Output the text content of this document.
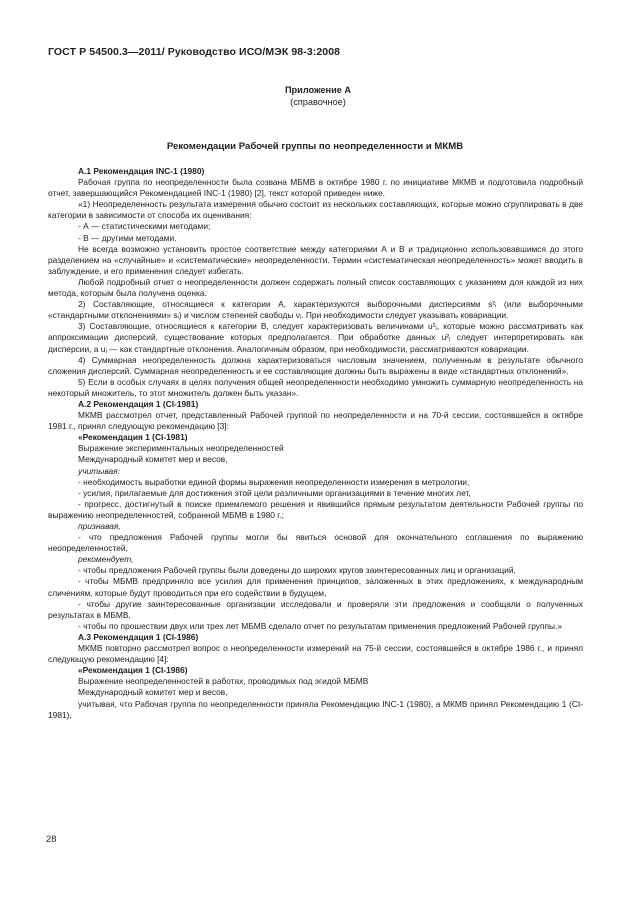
ГОСТ Р 54500.3—2011/ Руководство ИСО/МЭК 98-3:2008
Приложение А
(справочное)
Рекомендации Рабочей группы по неопределенности и МКМВ

А.1 Рекомендация INC-1 (1980)

Рабочая группа по неопределенности была созвана МБМВ в октябре 1980 г. по инициативе МКМВ и подготовила подробный отчет, завершающийся Рекомендацией INC-1 (1980) [2], текст которой приведен ниже.

«1) Неопределенность результата измерения обычно состоит из нескольких составляющих, которые можно сгруппировать в две категории в зависимости от способа их оценивания:

- А — статистическими методами;

- В — другими методами.

Не всегда возможно установить простое соответствие между категориями А и В и традиционно использовавшимся до этого разделением на «случайные» и «систематические» неопределенности. Термин «систематическая неопределенность» может вводить в заблуждение, и его применения следует избегать.

Любой подробный отчет о неопределенности должен содержать полный список составляющих с указанием для каждой из них метода, которым была получена оценка.

2) Составляющие, относящиеся к категории А, характеризуются выборочными дисперсиями s²ᵢ (или выборочными «стандартными отклонениями» sᵢ) и числом степеней свободы νᵢ. При необходимости следует указывать ковариации.

3) Составляющие, относящиеся к категории В, следует характеризовать величинами u²ⱼ, которые можно рассматривать как аппроксимации дисперсий, существование которых предполагается. При обработке данных u²ⱼ следует интерпретировать как дисперсии, а uⱼ — как стандартные отклонения. Аналогичным образом, при необходимости, рассматриваются ковариации.

4) Суммарная неопределенность должна характеризоваться числовым значением, полученным в результате обычного сложения дисперсий. Суммарная неопределенность и ее составляющие должны быть выражены в виде «стандартных отклонений».

5) Если в особых случаях в целях получения общей неопределенности необходимо умножить суммарную неопределенность на некоторый множитель, то этот множитель должен быть указан».

А.2 Рекомендация 1 (CI-1981)

МКМВ рассмотрел отчет, представленный Рабочей группой по неопределенности и на 70-й сессии, состоявшейся в октябре 1981 г., принял следующую рекомендацию [3]:

«Рекомендация 1 (CI-1981)

Выражение экспериментальных неопределенностей

Международный комитет мер и весов,

учитывая:

- необходимость выработки единой формы выражения неопределенности измерения в метрологии,

- усилия, прилагаемые для достижения этой цели различными организациями в течение многих лет,

- прогресс, достигнутый в поиске приемлемого решения и явившийся прямым результатом деятельности Рабочей группы по выражению неопределенностей, собранной МБМВ в 1980 г.;

признавая,

- что предложения Рабочей группы могли бы явиться основой для окончательного соглашения по выражению неопределенностей,

рекомендует,

- чтобы предложения Рабочей группы были доведены до широких кругов заинтересованных лиц и организаций,

- чтобы МБМВ предприняло все усилия для применения принципов, заложенных в этих предложениях, к международным сличениям, которые будут проводиться при его содействии в будущем,

- чтобы другие заинтересованные организации исследовали и проверяли эти предложения и сообщали о полученных результатах в МБМВ,

- чтобы по прошествии двух или трех лет МБМВ сделало отчет по результатам применения предложений Рабочей группы.»

А.3 Рекомендация 1 (CI-1986)

МКМВ повторно рассмотрел вопрос о неопределенности измерений на 75-й сессии, состоявшейся в октябре 1986 г., и принял следующую рекомендацию [4]:

«Рекомендация 1 (CI-1986)

Выражение неопределенностей в работах, проводимых под эгидой МБМВ

Международный комитет мер и весов,

учитывая, что Рабочая группа по неопределенности приняла Рекомендацию INC-1 (1980), а МКМВ принял Рекомендацию 1 (CI-1981),

28
